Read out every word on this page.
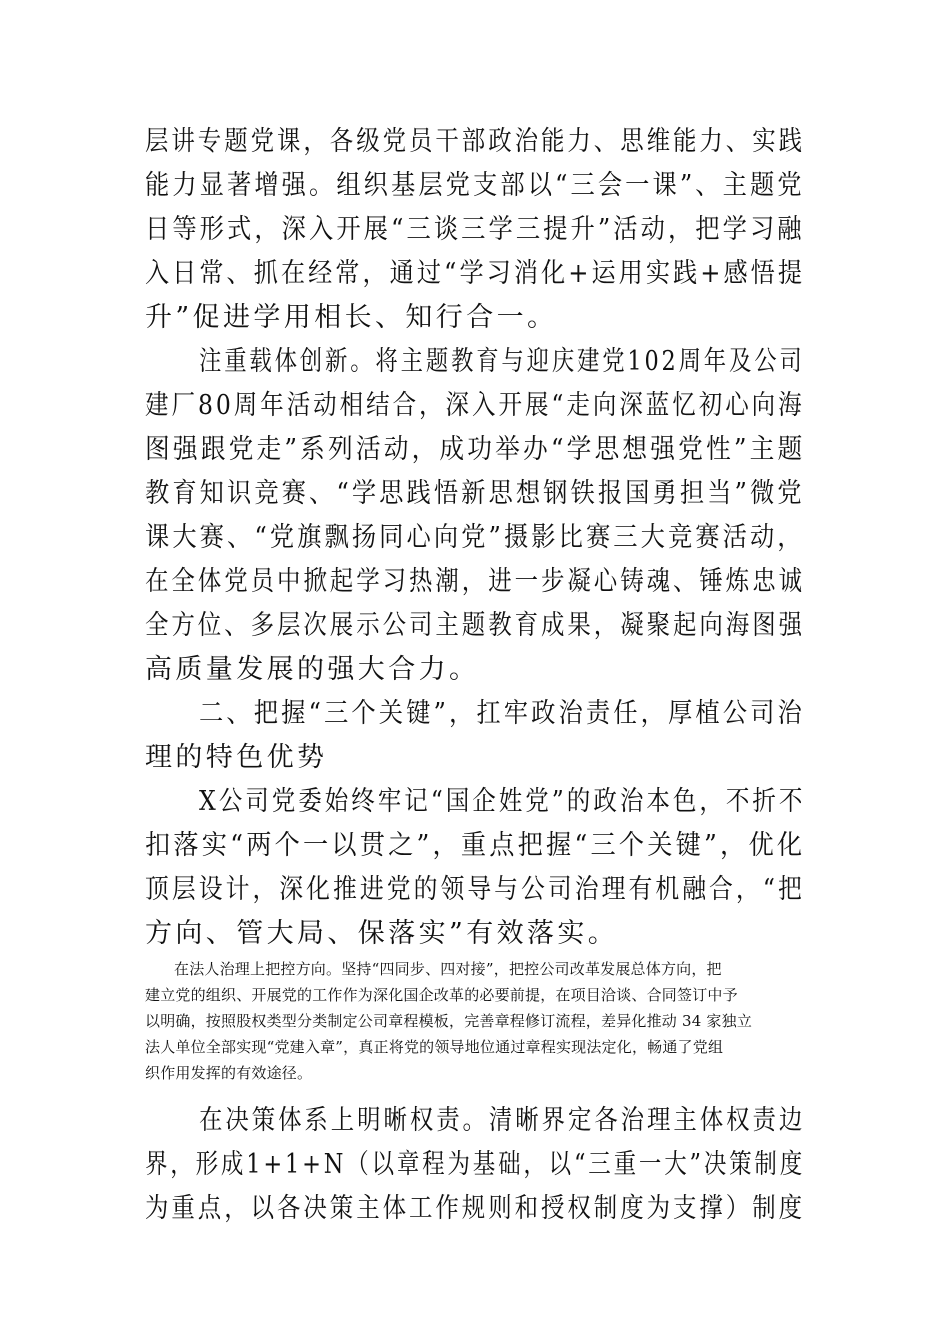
层讲专题党课，各级党员干部政治能力、思维能力、实践
能力显著增强。组织基层党支部以“三会一课”、主题党
日等形式，深入开展“三谈三学三提升”活动，把学习融
入日常、抓在经常，通过“学习消化+运用实践+感悟提
升”促进学用相长、知行合一。
注重载体创新。将主题教育与迎庆建党102周年及公司
建厂80周年活动相结合，深入开展“走向深蓝忆初心向海
图强跟党走”系列活动，成功举办“学思想强党性”主题
教育知识竞赛、“学思践悟新思想钢铁报国勇担当”微党
课大赛、“党旗飘扬同心向党”摄影比赛三大竞赛活动，
在全体党员中掀起学习热潮，进一步凝心铸魂、锤炼忠诚
全方位、多层次展示公司主题教育成果，凝聚起向海图强
高质量发展的强大合力。
二、把握“三个关键”，扛牢政治责任，厚植公司治
理的特色优势
X公司党委始终牢记“国企姓党”的政治本色，不折不
扣落实“两个一以贯之”，重点把握“三个关键”，优化
顶层设计，深化推进党的领导与公司治理有机融合，“把
方向、管大局、保落实”有效落实。
在法人治理上把控方向。坚持“四同步、四对接”，把控公司改革发展总体方向，把
建立党的组织、开展党的工作作为深化国企改革的必要前提，在项目洽谈、合同签订中予
以明确，按照股权类型分类制定公司章程模板，完善章程修订流程，差异化推动 34 家独立
法人单位全部实现“党建入章”，真正将党的领导地位通过章程实现法定化，畅通了党组
织作用发挥的有效途径。
在决策体系上明晰权责。清晰界定各治理主体权责边
界，形成1+1+N（以章程为基础，以“三重一大”决策制度
为重点，以各决策主体工作规则和授权制度为支撑）制度
